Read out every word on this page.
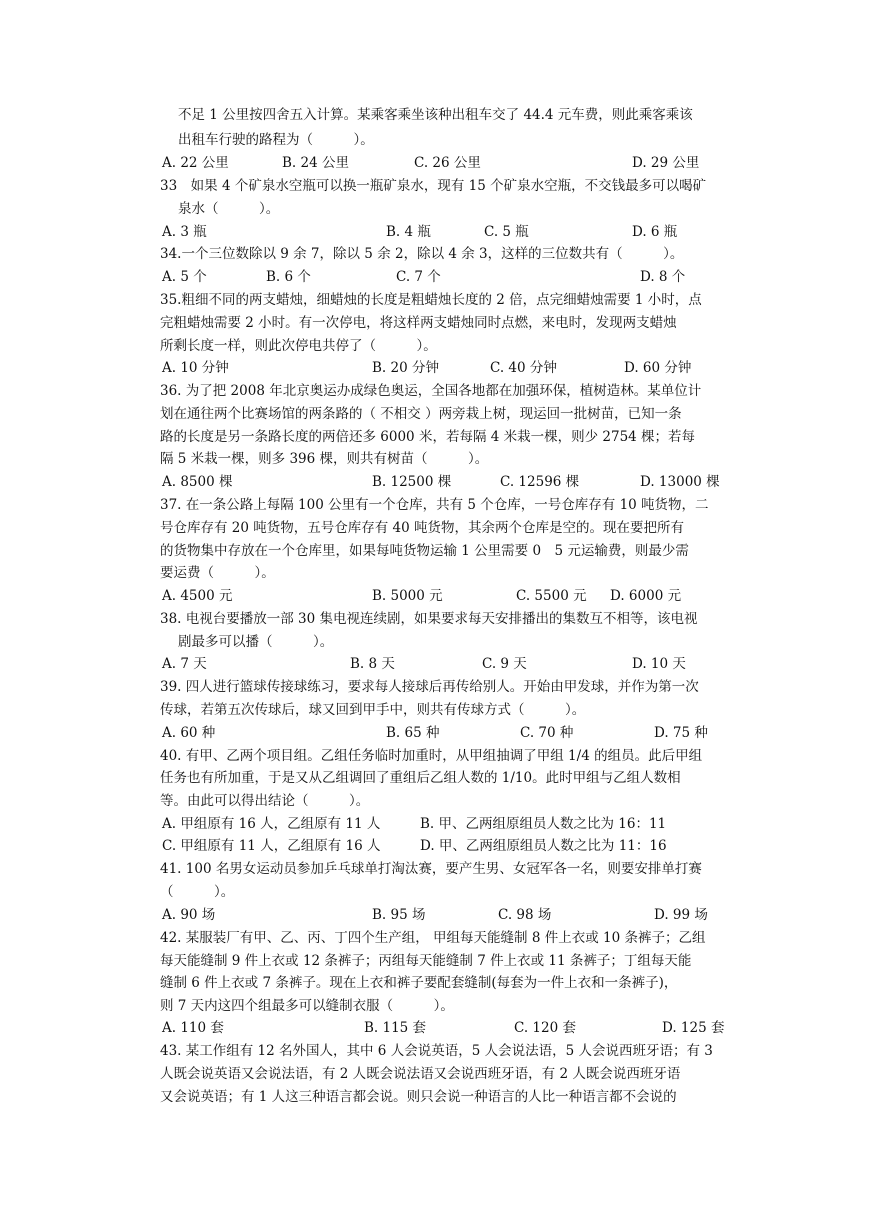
不足 1 公里按四舍五入计算。某乘客乘坐该种出租车交了 44.4 元车费，则此乘客乘该
出租车行驶的路程为（　　　）。
A. 22 公里	B. 24 公里	C. 26 公里	D. 29 公里
33　如果 4 个矿泉水空瓶可以换一瓶矿泉水，现有 15 个矿泉水空瓶，不交钱最多可以喝矿
泉水（　　　）。
A. 3 瓶	B. 4 瓶	C. 5 瓶	D. 6 瓶
34.一个三位数除以 9 余 7，除以 5 余 2，除以 4 余 3，这样的三位数共有（　　　）。
A. 5 个	B. 6 个	C. 7 个	D. 8 个
35.粗细不同的两支蜡烛，细蜡烛的长度是粗蜡烛长度的 2 倍，点完细蜡烛需要 1 小时，点
完粗蜡烛需要 2 小时。有一次停电，将这样两支蜡烛同时点燃，来电时，发现两支蜡烛
所剩长度一样，则此次停电共停了（　　　）。
A. 10 分钟	B. 20 分钟	C. 40 分钟	D. 60 分钟
36. 为了把 2008 年北京奥运办成绿色奥运，全国各地都在加强环保，植树造林。某单位计
划在通往两个比赛场馆的两条路的（ 不相交 ）两旁栽上树，现运回一批树苗，已知一条
路的长度是另一条路长度的两倍还多 6000 米，若每隔 4 米栽一棵，则少 2754 棵；若每
隔 5 米栽一棵，则多 396 棵，则共有树苗（　　　）。
A. 8500 棵	B. 12500 棵	C. 12596 棵	D. 13000 棵
37. 在一条公路上每隔 100 公里有一个仓库，共有 5 个仓库，一号仓库存有 10 吨货物，二
号仓库存有 20 吨货物，五号仓库存有 40 吨货物，其余两个仓库是空的。现在要把所有
的货物集中存放在一个仓库里，如果每吨货物运输 1 公里需要 0　5 元运输费，则最少需
要运费（　　　）。
A. 4500 元	B. 5000 元	C. 5500 元 D. 6000 元
38. 电视台要播放一部 30 集电视连续剧，如果要求每天安排播出的集数互不相等，该电视
剧最多可以播（　　　）。
A. 7 天	B. 8 天	C. 9 天	D. 10 天
39. 四人进行篮球传接球练习，要求每人接球后再传给别人。开始由甲发球，并作为第一次
传球，若第五次传球后，球又回到甲手中，则共有传球方式（　　　）。
A. 60 种	B. 65 种	C. 70 种	D. 75 种
40. 有甲、乙两个项目组。乙组任务临时加重时，从甲组抽调了甲组 1/4 的组员。此后甲组
任务也有所加重，于是又从乙组调回了重组后乙组人数的 1/10。此时甲组与乙组人数相
等。由此可以得出结论（　　　）。
A. 甲组原有 16 人，乙组原有 11 人	B. 甲、乙两组原组员人数之比为 16：11
C. 甲组原有 11 人，乙组原有 16 人	D. 甲、乙两组原组员人数之比为 11：16
41. 100 名男女运动员参加乒乓球单打淘汰赛，要产生男、女冠军各一名，则要安排单打赛
（　　　）。
A. 90 场	B. 95 场	C. 98 场	D. 99 场
42. 某服装厂有甲、乙、丙、丁四个生产组， 甲组每天能缝制 8 件上衣或 10 条裤子；乙组
每天能缝制 9 件上衣或 12 条裤子；丙组每天能缝制 7 件上衣或 11 条裤子；丁组每天能
缝制 6 件上衣或 7 条裤子。现在上衣和裤子要配套缝制(每套为一件上衣和一条裤子)，
则 7 天内这四个组最多可以缝制衣服（　　　）。
A. 110 套	B. 115 套	C. 120 套	D. 125 套
43. 某工作组有 12 名外国人，其中 6 人会说英语，5 人会说法语，5 人会说西班牙语；有 3
人既会说英语又会说法语，有 2 人既会说法语又会说西班牙语，有 2 人既会说西班牙语
又会说英语；有 1 人这三种语言都会说。则只会说一种语言的人比一种语言都不会说的
